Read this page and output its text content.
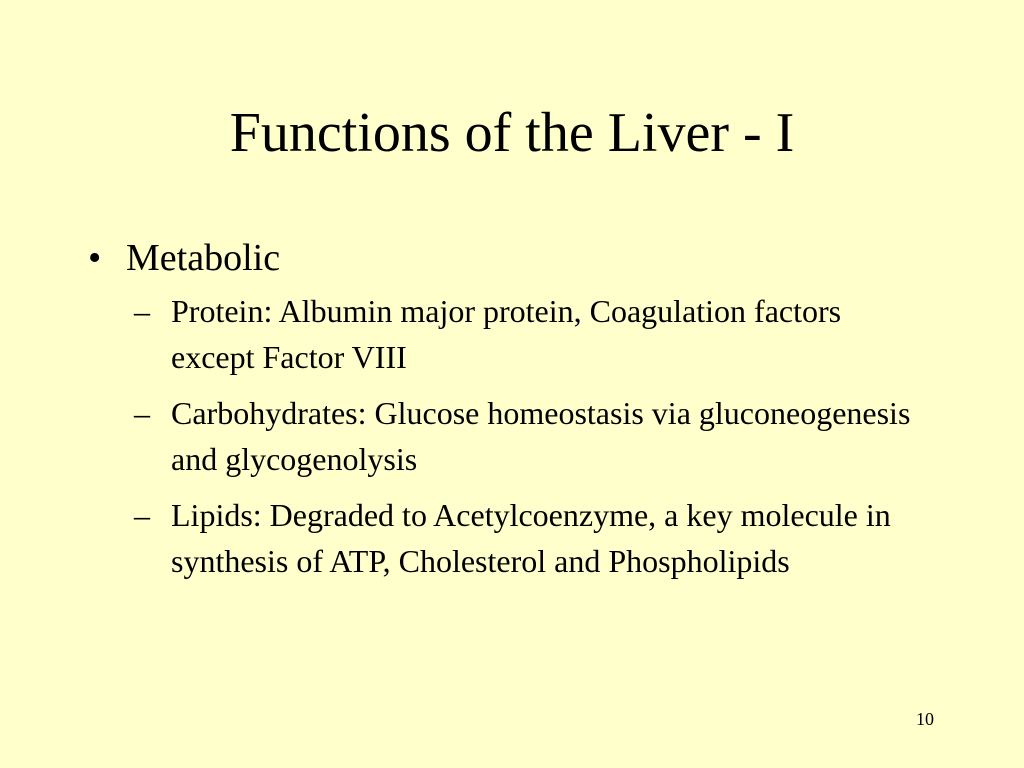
Functions of the Liver - I
• Metabolic
– Protein: Albumin major protein, Coagulation factors except Factor VIII
– Carbohydrates: Glucose homeostasis via gluconeogenesis and glycogenolysis
– Lipids: Degraded to Acetylcoenzyme, a key molecule in synthesis of ATP, Cholesterol and Phospholipids
10
